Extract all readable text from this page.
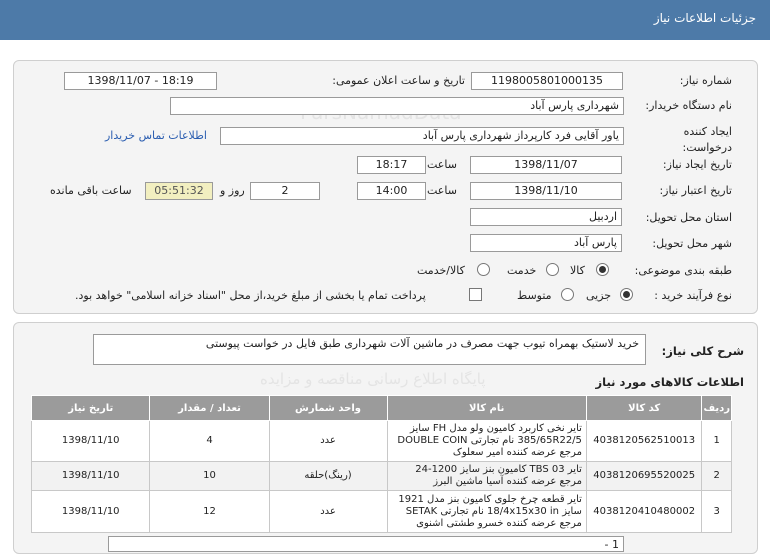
جزئیات اطلاعات نیاز
شماره نیاز:
1198005801000135
تاریخ و ساعت اعلان عمومی:
1398/11/07 - 18:19
نام دستگاه خریدار:
شهرداری پارس آباد
ایجاد کننده درخواست:
یاور آقایی فرد کارپرداز شهرداری پارس آباد
اطلاعات تماس خریدار
تاریخ ایجاد نیاز:
1398/11/07
ساعت
18:17
تاریخ اعتبار نیاز:
1398/11/10
ساعت
14:00
2
روز و
05:51:32
ساعت باقی مانده
استان محل تحویل:
اردبیل
شهر محل تحویل:
پارس آباد
طبقه بندی موضوعی:
کالا
خدمت
کالا/خدمت
نوع فرآیند خرید :
جزیی
متوسط
پرداخت تمام یا بخشی از مبلغ خرید،از محل "اسناد خزانه اسلامی" خواهد بود.
پایگاه اطلاع رسانی مناقصه و مزایده
شرح کلی نیاز:
خرید لاستیک بهمراه تیوب جهت مصرف در ماشین آلات شهرداری طبق فایل در خواست پیوستی
اطلاعات کالاهای مورد نیاز
ردیف	کد کالا	نام کالا	واحد شمارش	تعداد / مقدار	تاریخ نیاز
1	4038120562510013	تایر نخی کاربرد کامیون ولو مدل FH سایز 385/65R22/5 نام تجارتی DOUBLE COIN مرجع عرضه کننده امیر سعلوک	عدد	4	1398/11/10
2	4038120695520025	تایر 03 TBS کامیون بنز سایز 1200-24 مرجع عرضه کننده آسیا ماشین البرز	(رینگ)حلقه	10	1398/11/10
3	4038120410480002	تایر قطعه چرخ جلوی کامیون بنز مدل 1921 سایز 18/4x15x30 in نام تجارتی SETAK مرجع عرضه کننده خسرو طشتی اشنوی	عدد	12	1398/11/10
1 -
